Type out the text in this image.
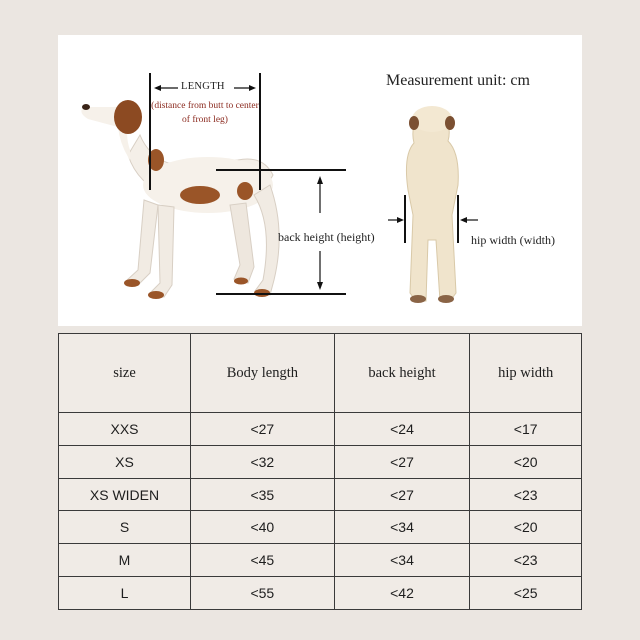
Measurement unit: cm
LENGTH
(distance from butt to center of front leg)
back height (height)	hip width (width)
size	Body length	back height	hip width
XXS	<27	<24	<17
XS	<32	<27	<20
XS WIDEN	<35	<27	<23
S	<40	<34	<20
M	<45	<34	<23
L	<55	<42	<25
